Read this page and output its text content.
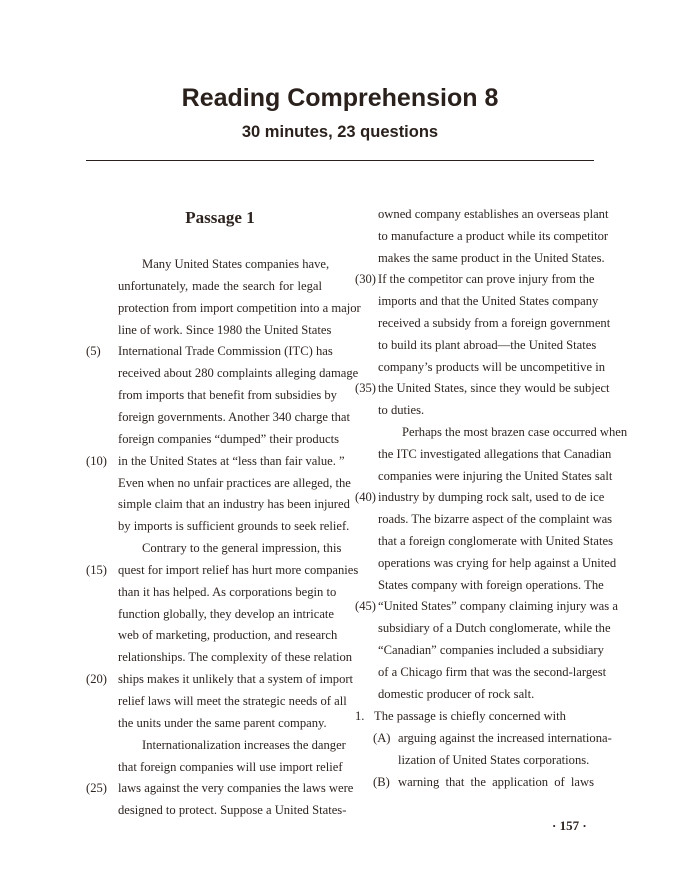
Reading Comprehension 8
30 minutes, 23 questions
Passage 1
Many United States companies have,
unfortunately, made the search for legal
protection from import competition into a major
line of work. Since 1980 the United States
International Trade Commission (ITC) has
(5)
received about 280 complaints alleging damage
from imports that benefit from subsidies by
foreign governments. Another 340 charge that
foreign companies “dumped” their products
in the United States at “less than fair value. ”
(10)
Even when no unfair practices are alleged, the
simple claim that an industry has been injured
by imports is sufficient grounds to seek relief.
Contrary to the general impression, this
quest for import relief has hurt more companies
(15)
than it has helped. As corporations begin to
function globally, they develop an intricate
web of marketing, production, and research
relationships. The complexity of these relation
ships makes it unlikely that a system of import
(20)
relief laws will meet the strategic needs of all
the units under the same parent company.
Internationalization increases the danger
that foreign companies will use import relief
laws against the very companies the laws were
(25)
designed to protect. Suppose a United States-
owned company establishes an overseas plant
to manufacture a product while its competitor
makes the same product in the United States.
If the competitor can prove injury from the
(30)
imports and that the United States company
received a subsidy from a foreign government
to build its plant abroad—the United States
company’s products will be uncompetitive in
the United States, since they would be subject
(35)
to duties.
Perhaps the most brazen case occurred when
the ITC investigated allegations that Canadian
companies were injuring the United States salt
industry by dumping rock salt, used to de ice
(40)
roads. The bizarre aspect of the complaint was
that a foreign conglomerate with United States
operations was crying for help against a United
States company with foreign operations. The
“United States” company claiming injury was a
(45)
subsidiary of a Dutch conglomerate, while the
“Canadian” companies included a subsidiary
of a Chicago firm that was the second-largest
domestic producer of rock salt.
1. The passage is chiefly concerned with
(A) arguing against the increased internationa-
lization of United States corporations.
(B) warning that the application of laws
· 157 ·
